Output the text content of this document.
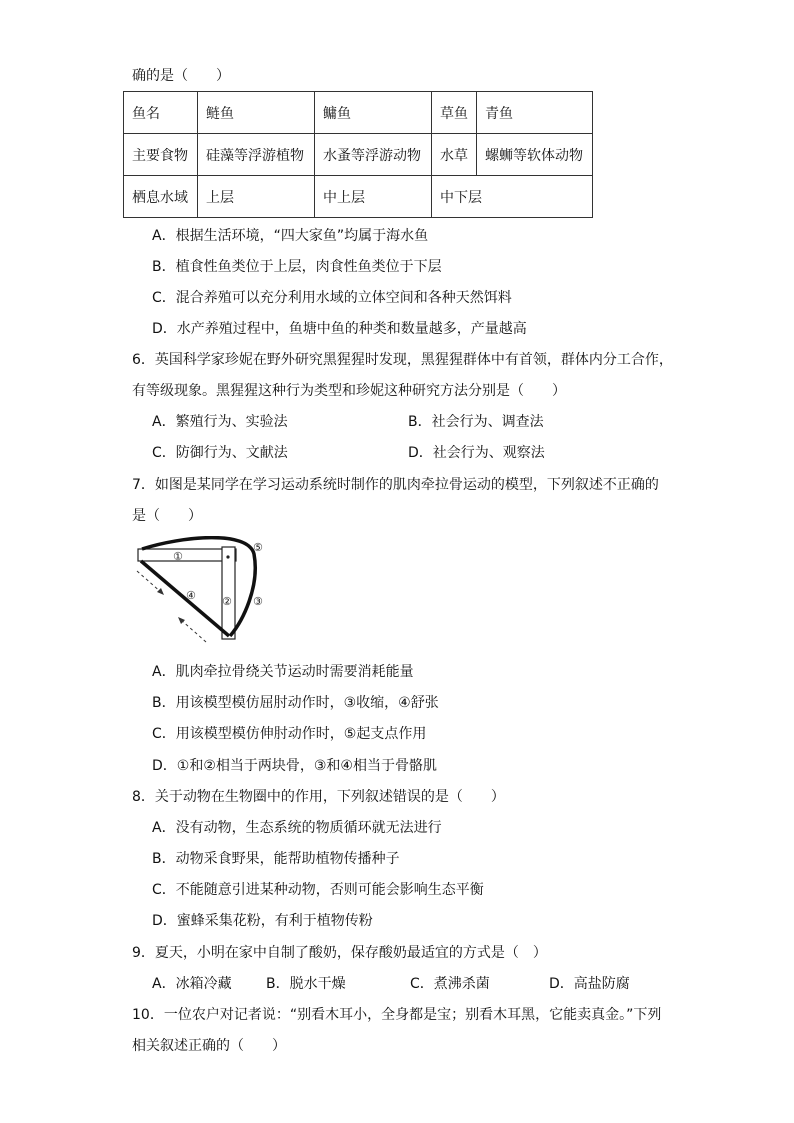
确的是（　　）
鱼名	鲢鱼	鳙鱼	草鱼	青鱼
主要食物	硅藻等浮游植物	水蚤等浮游动物	水草	螺蛳等软体动物
栖息水域	上层	中上层	中下层	
A．根据生活环境，“四大家鱼”均属于海水鱼
B．植食性鱼类位于上层，肉食性鱼类位于下层
C．混合养殖可以充分利用水域的立体空间和各种天然饵料
D．水产养殖过程中，鱼塘中鱼的种类和数量越多，产量越高
6．英国科学家珍妮在野外研究黑猩猩时发现，黑猩猩群体中有首领，群体内分工合作，
有等级现象。黑猩猩这种行为类型和珍妮这种研究方法分别是（　　）
A．繁殖行为、实验法	B．社会行为、调查法
C．防御行为、文献法	D．社会行为、观察法
7．如图是某同学在学习运动系统时制作的肌肉牵拉骨运动的模型，下列叙述不正确的
是（　　）
①
② ③
④
⑤
A．肌肉牵拉骨绕关节运动时需要消耗能量
B．用该模型模仿屈肘动作时，③收缩，④舒张
C．用该模型模仿伸肘动作时，⑤起支点作用
D．①和②相当于两块骨，③和④相当于骨骼肌
8．关于动物在生物圈中的作用，下列叙述错误的是（　　）
A．没有动物，生态系统的物质循环就无法进行
B．动物采食野果，能帮助植物传播种子
C．不能随意引进某种动物，否则可能会影响生态平衡
D．蜜蜂采集花粉，有利于植物传粉
9．夏天，小明在家中自制了酸奶，保存酸奶最适宜的方式是（　）
A．冰箱冷藏 B．脱水干燥	C．煮沸杀菌	D．高盐防腐
10．一位农户对记者说：“别看木耳小，全身都是宝；别看木耳黑，它能卖真金。”下列
相关叙述正确的（　　）
